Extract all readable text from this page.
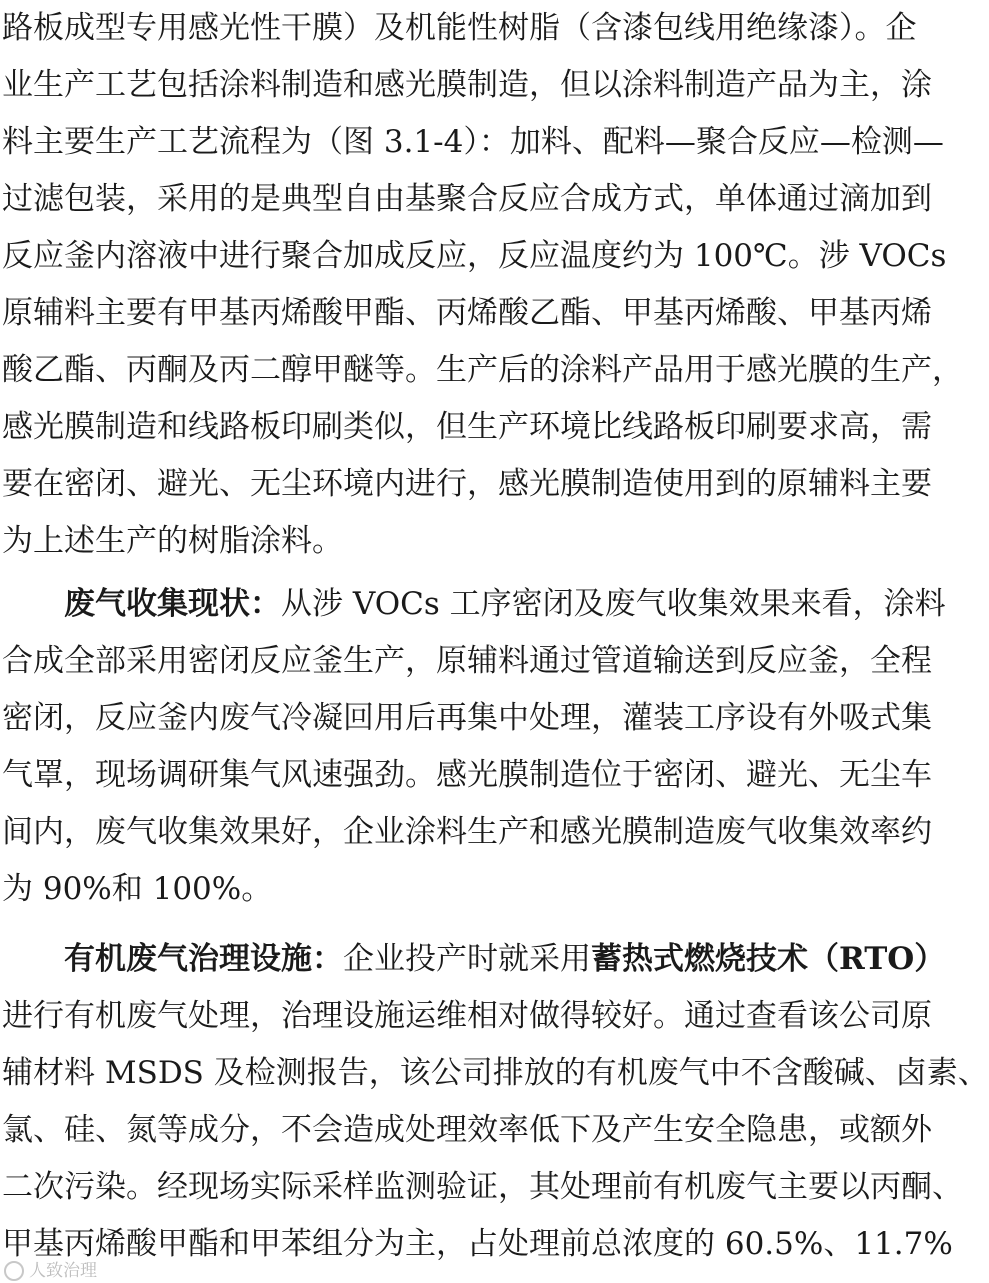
路板成型专用感光性干膜）及机能性树脂（含漆包线用绝缘漆）。企
业生产工艺包括涂料制造和感光膜制造，但以涂料制造产品为主，涂
料主要生产工艺流程为（图 3.1-4）：加料、配料—聚合反应—检测—
过滤包装，采用的是典型自由基聚合反应合成方式，单体通过滴加到
反应釜内溶液中进行聚合加成反应，反应温度约为 100℃。涉 VOCs
原辅料主要有甲基丙烯酸甲酯、丙烯酸乙酯、甲基丙烯酸、甲基丙烯
酸乙酯、丙酮及丙二醇甲醚等。生产后的涂料产品用于感光膜的生产，
感光膜制造和线路板印刷类似，但生产环境比线路板印刷要求高，需
要在密闭、避光、无尘环境内进行，感光膜制造使用到的原辅料主要
为上述生产的树脂涂料。
废气收集现状：从涉 VOCs 工序密闭及废气收集效果来看，涂料
合成全部采用密闭反应釜生产，原辅料通过管道输送到反应釜，全程
密闭，反应釜内废气冷凝回用后再集中处理，灌装工序设有外吸式集
气罩，现场调研集气风速强劲。感光膜制造位于密闭、避光、无尘车
间内，废气收集效果好，企业涂料生产和感光膜制造废气收集效率约
为 90%和 100%。
有机废气治理设施：企业投产时就采用蓄热式燃烧技术（RTO）
进行有机废气处理，治理设施运维相对做得较好。通过查看该公司原
辅材料 MSDS 及检测报告，该公司排放的有机废气中不含酸碱、卤素、
氯、硅、氮等成分，不会造成处理效率低下及产生安全隐患，或额外
二次污染。经现场实际采样监测验证，其处理前有机废气主要以丙酮、
甲基丙烯酸甲酯和甲苯组分为主，占处理前总浓度的 60.5%、11.7%
人致治理
